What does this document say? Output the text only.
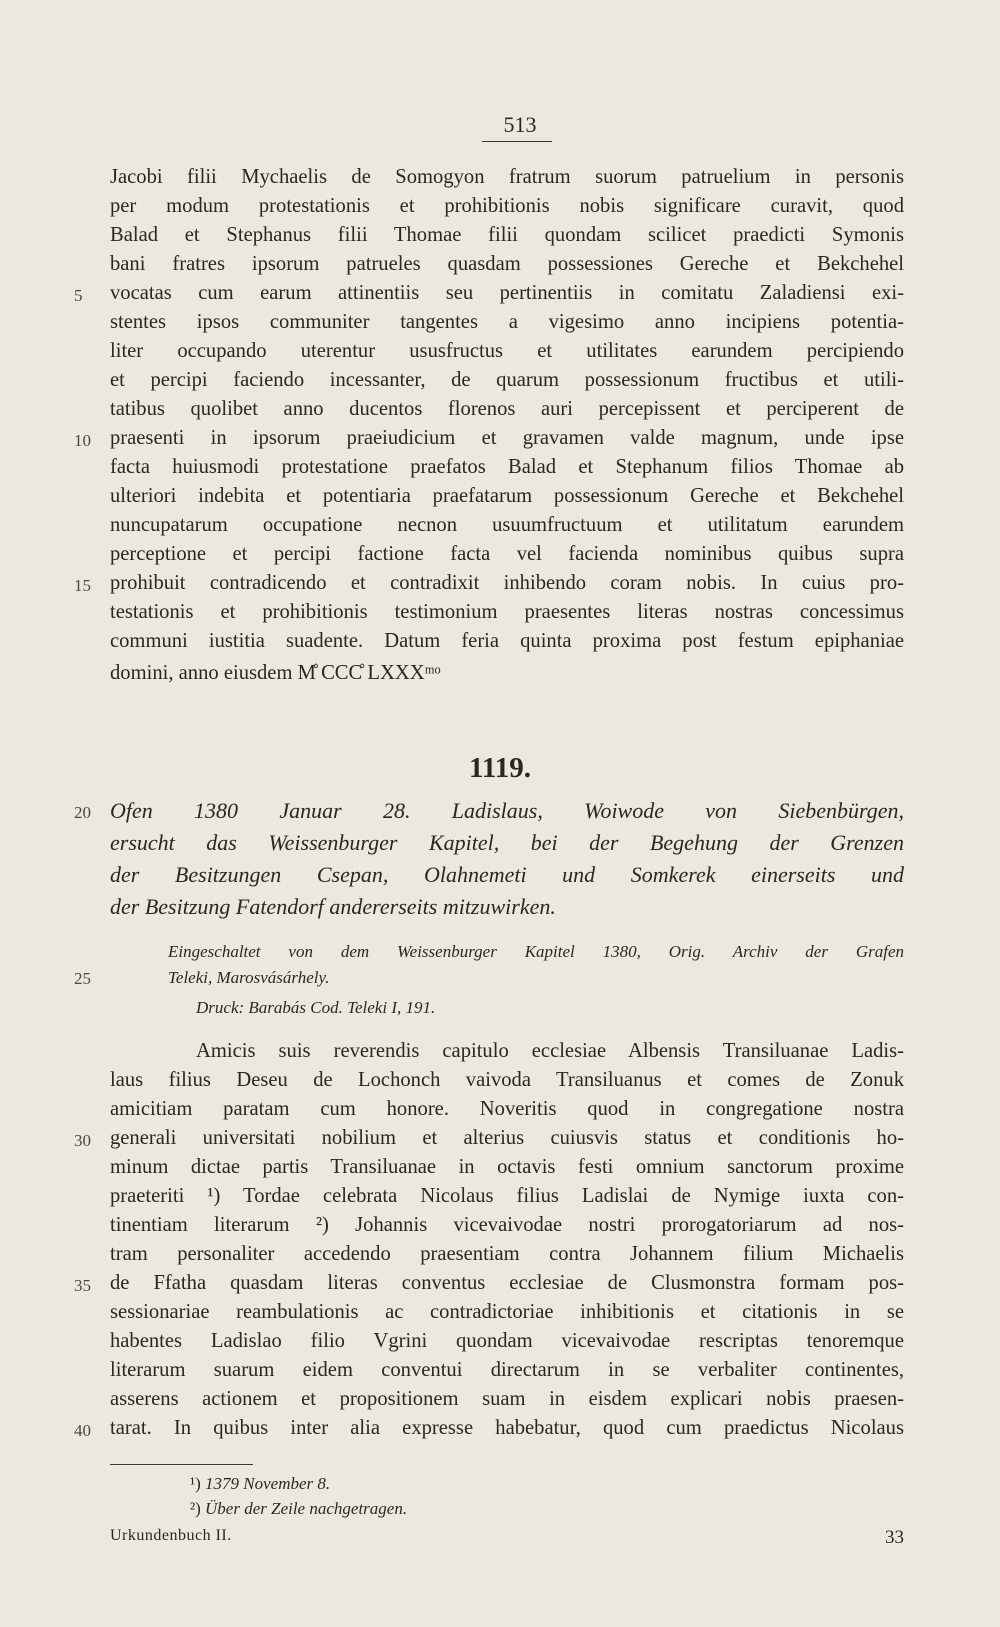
513
Jacobi filii Mychaelis de Somogyon fratrum suorum patruelium in personis
per modum protestationis et prohibitionis nobis significare curavit, quod
Balad et Stephanus filii Thomae filii quondam scilicet praedicti Symonis
bani fratres ipsorum patrueles quasdam possessiones Gereche et Bekchehel
vocatas cum earum attinentiis seu pertinentiis in comitatu Zaladiensi exi-
stentes ipsos communiter tangentes a vigesimo anno incipiens potentia-
liter occupando uterentur ususfructus et utilitates earundem percipiendo
et percipi faciendo incessanter, de quarum possessionum fructibus et utili-
tatibus quolibet anno ducentos florenos auri percepissent et perciperent de
praesenti in ipsorum praeiudicium et gravamen valde magnum, unde ipse
facta huiusmodi protestatione praefatos Balad et Stephanum filios Thomae ab
ulteriori indebita et potentiaria praefatarum possessionum Gereche et Bekchehel
nuncupatarum occupatione necnon usuumfructuum et utilitatum earundem
perceptione et percipi factione facta vel facienda nominibus quibus supra
prohibuit contradicendo et contradixit inhibendo coram nobis. In cuius pro-
testationis et prohibitionis testimonium praesentes literas nostras concessimus
communi iustitia suadente. Datum feria quinta proxima post festum epiphaniae
domini, anno eiusdem M̊ CCC̊ LXXXᵐᵒ
1119.
Ofen 1380 Januar 28. Ladislaus, Woiwode von Siebenbürgen,
ersucht das Weissenburger Kapitel, bei der Begehung der Grenzen
der Besitzungen Csepan, Olahnemeti und Somkerek einerseits und
der Besitzung Fatendorf andererseits mitzuwirken.
Eingeschaltet von dem Weissenburger Kapitel 1380, Orig. Archiv der Grafen
Teleki, Marosvásárhely.
Druck: Barabás Cod. Teleki I, 191.
Amicis suis reverendis capitulo ecclesiae Albensis Transiluanae Ladis-
laus filius Deseu de Lochonch vaivoda Transiluanus et comes de Zonuk
amicitiam paratam cum honore. Noveritis quod in congregatione nostra
generali universitati nobilium et alterius cuiusvis status et conditionis ho-
minum dictae partis Transiluanae in octavis festi omnium sanctorum proxime
praeteriti ¹) Tordae celebrata Nicolaus filius Ladislai de Nymige iuxta con-
tinentiam literarum ²) Johannis vicevaivodae nostri prorogatoriarum ad nos-
tram personaliter accedendo praesentiam contra Johannem filium Michaelis
de Ffatha quasdam literas conventus ecclesiae de Clusmonstra formam pos-
sessionariae reambulationis ac contradictoriae inhibitionis et citationis in se
habentes Ladislao filio Vgrini quondam vicevaivodae rescriptas tenoremque
literarum suarum eidem conventui directarum in se verbaliter continentes,
asserens actionem et propositionem suam in eisdem explicari nobis praesen-
tarat. In quibus inter alia expresse habebatur, quod cum praedictus Nicolaus
5
10
15
20
25
30
35
40
¹) 1379 November 8.
²) Über der Zeile nachgetragen.
Urkundenbuch II.	33
